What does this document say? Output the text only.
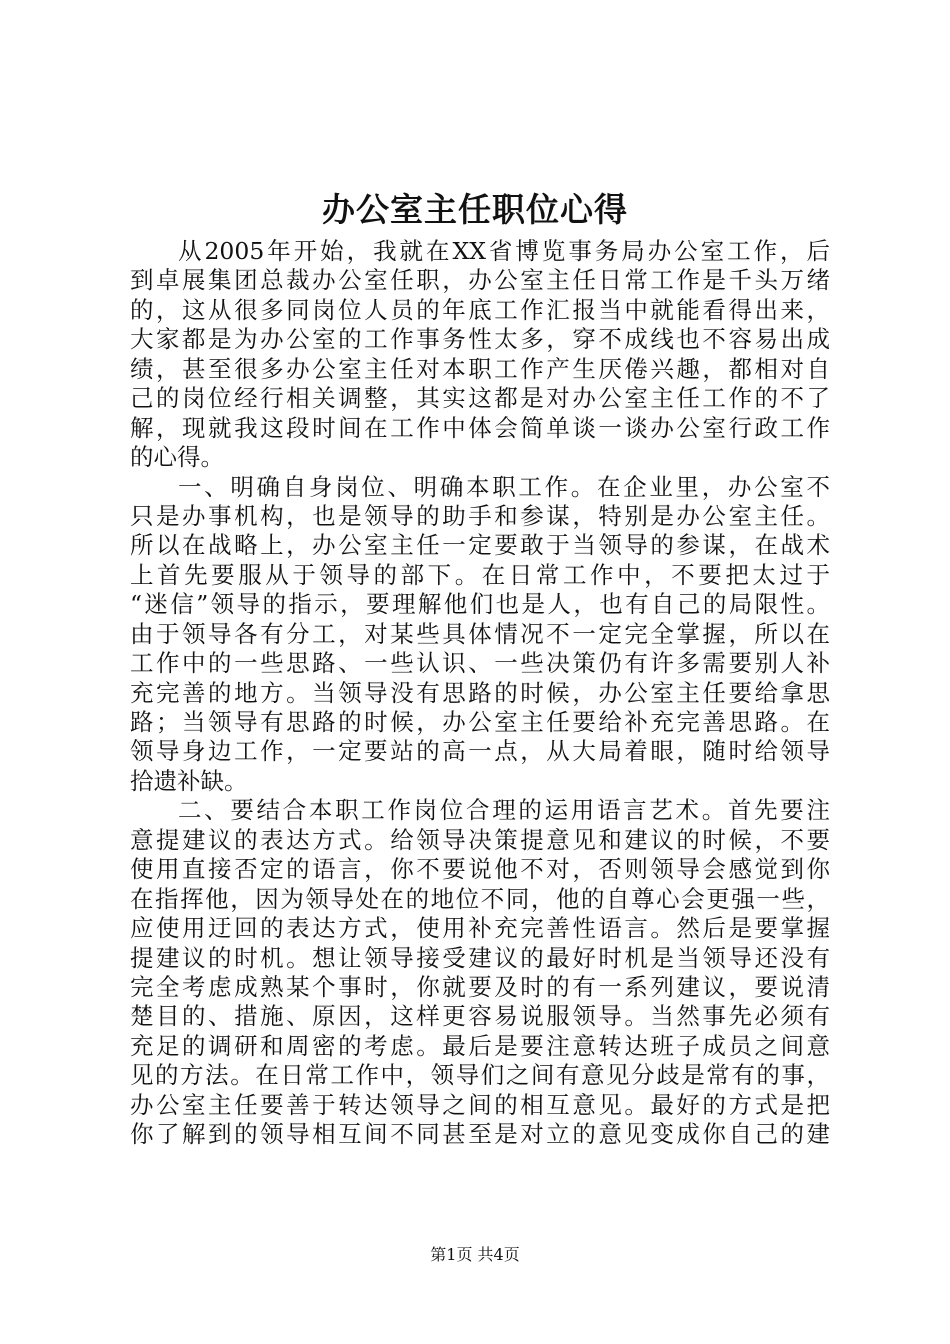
办公室主任职位心得
从2005年开始，我就在XX省博览事务局办公室工作，后
到卓展集团总裁办公室任职，办公室主任日常工作是千头万绪
的，这从很多同岗位人员的年底工作汇报当中就能看得出来，
大家都是为办公室的工作事务性太多，穿不成线也不容易出成
绩，甚至很多办公室主任对本职工作产生厌倦兴趣，都相对自
己的岗位经行相关调整，其实这都是对办公室主任工作的不了
解，现就我这段时间在工作中体会简单谈一谈办公室行政工作
的心得。
一、明确自身岗位、明确本职工作。在企业里，办公室不
只是办事机构，也是领导的助手和参谋，特别是办公室主任。
所以在战略上，办公室主任一定要敢于当领导的参谋，在战术
上首先要服从于领导的部下。在日常工作中，不要把太过于
“迷信”领导的指示，要理解他们也是人，也有自己的局限性。
由于领导各有分工，对某些具体情况不一定完全掌握，所以在
工作中的一些思路、一些认识、一些决策仍有许多需要别人补
充完善的地方。当领导没有思路的时候，办公室主任要给拿思
路；当领导有思路的时候，办公室主任要给补充完善思路。在
领导身边工作，一定要站的高一点，从大局着眼，随时给领导
拾遗补缺。
二、要结合本职工作岗位合理的运用语言艺术。首先要注
意提建议的表达方式。给领导决策提意见和建议的时候，不要
使用直接否定的语言，你不要说他不对，否则领导会感觉到你
在指挥他，因为领导处在的地位不同，他的自尊心会更强一些，
应使用迂回的表达方式，使用补充完善性语言。然后是要掌握
提建议的时机。想让领导接受建议的最好时机是当领导还没有
完全考虑成熟某个事时，你就要及时的有一系列建议，要说清
楚目的、措施、原因，这样更容易说服领导。当然事先必须有
充足的调研和周密的考虑。最后是要注意转达班子成员之间意
见的方法。在日常工作中，领导们之间有意见分歧是常有的事，
办公室主任要善于转达领导之间的相互意见。最好的方式是把
你了解到的领导相互间不同甚至是对立的意见变成你自己的建
第1页 共4页
